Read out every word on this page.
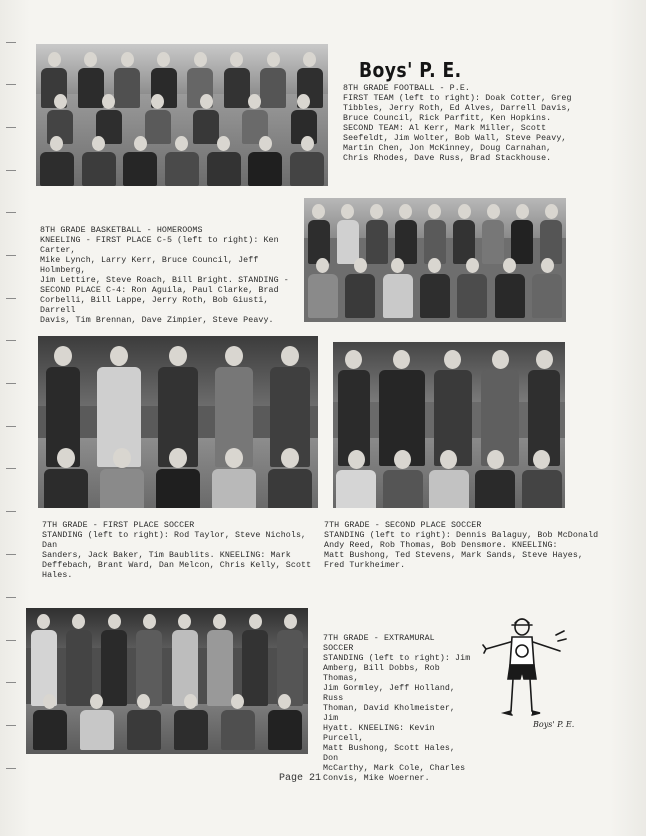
Boys' P. E.
8TH GRADE FOOTBALL - P.E.
FIRST TEAM (left to right): Doak Cotter, Greg
Tibbles, Jerry Roth, Ed Alves, Darrell Davis,
Bruce Council, Rick Parfitt, Ken Hopkins.
SECOND TEAM: Al Kerr, Mark Miller, Scott
Seefeldt, Jim Wolter, Bob Wall, Steve Peavy,
Martin Chen, Jon McKinney, Doug Carnahan,
Chris Rhodes, Dave Russ, Brad Stackhouse.
8TH GRADE BASKETBALL - HOMEROOMS
KNEELING - FIRST PLACE C-5 (left to right): Ken Carter,
Mike Lynch, Larry Kerr, Bruce Council, Jeff Holmberg,
Jim Lettire, Steve Roach, Bill Bright. STANDING -
SECOND PLACE C-4: Ron Aguila, Paul Clarke, Brad
Corbelli, Bill Lappe, Jerry Roth, Bob Giusti, Darrell
Davis, Tim Brennan, Dave Zimpier, Steve Peavy.
7TH GRADE - FIRST PLACE SOCCER
STANDING (left to right): Rod Taylor, Steve Nichols, Dan
Sanders, Jack Baker, Tim Baublits. KNEELING: Mark
Deffebach, Brant Ward, Dan Melcon, Chris Kelly, Scott
Hales.
7TH GRADE - SECOND PLACE SOCCER
STANDING (left to right): Dennis Balaguy, Bob McDonald
Andy Reed, Rob Thomas, Bob Densmore. KNEELING:
Matt Bushong, Ted Stevens, Mark Sands, Steve Hayes,
Fred Turkheimer.
7TH GRADE - EXTRAMURAL
SOCCER
STANDING (left to right): Jim
Amberg, Bill Dobbs, Rob Thomas,
Jim Gormley, Jeff Holland, Russ
Thoman, David Kholmeister, Jim
Hyatt. KNEELING: Kevin Purcell,
Matt Bushong, Scott Hales, Don
McCarthy, Mark Cole, Charles
Convis, Mike Woerner.
Boys' P. E.
Page 21
